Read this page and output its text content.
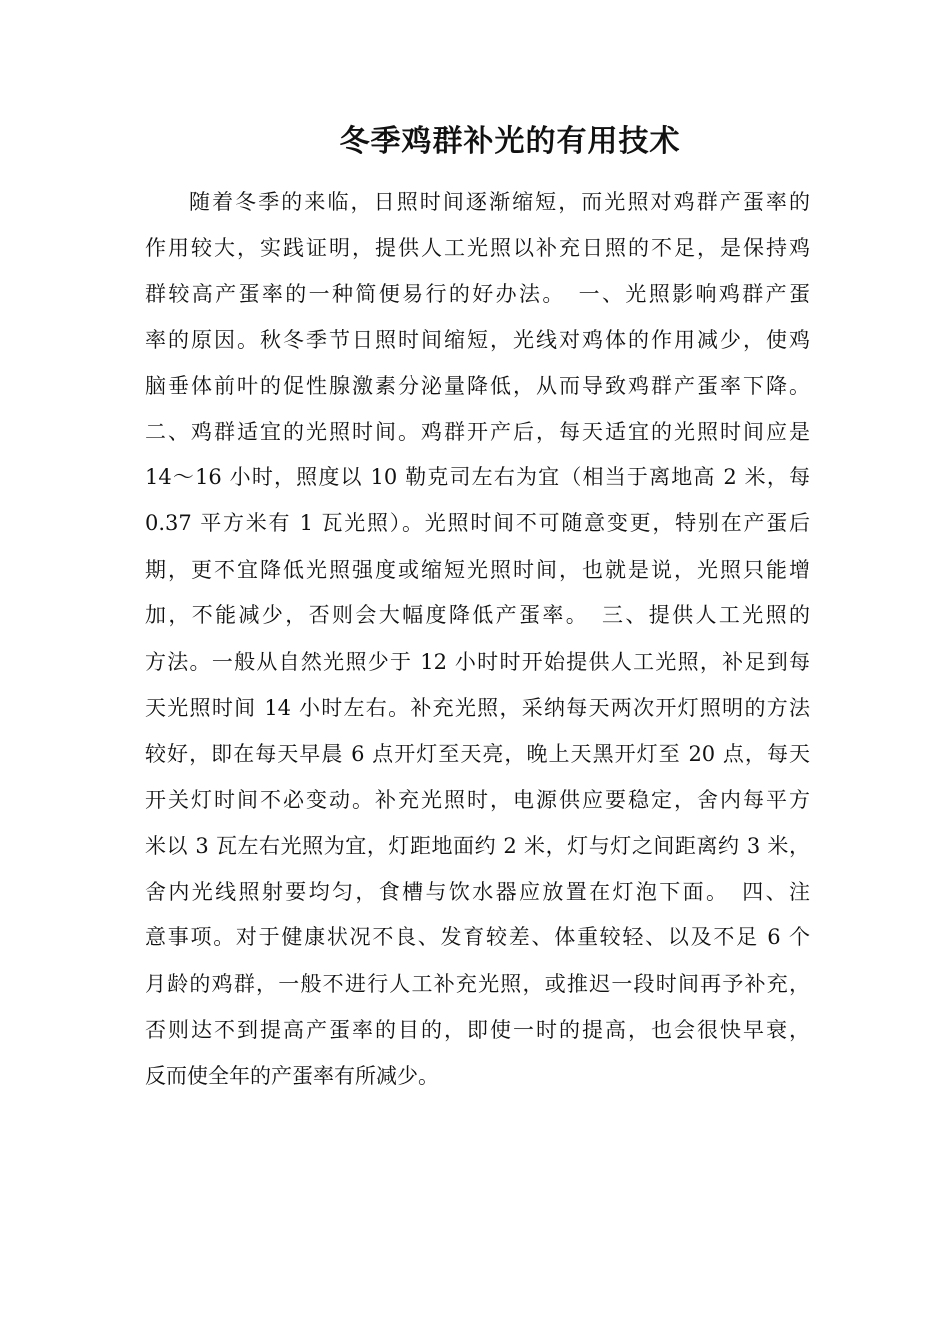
冬季鸡群补光的有用技术
随着冬季的来临，日照时间逐渐缩短，而光照对鸡群产蛋率的
作用较大，实践证明，提供人工光照以补充日照的不足，是保持鸡
群较高产蛋率的一种简便易行的好办法。　一、光照影响鸡群产蛋
率的原因。秋冬季节日照时间缩短，光线对鸡体的作用减少，使鸡
脑垂体前叶的促性腺激素分泌量降低，从而导致鸡群产蛋率下降。
二、鸡群适宜的光照时间。鸡群开产后，每天适宜的光照时间应是
14～16 小时，照度以 10 勒克司左右为宜（相当于离地高 2 米，每
0.37 平方米有 1 瓦光照）。光照时间不可随意变更，特别在产蛋后
期，更不宜降低光照强度或缩短光照时间，也就是说，光照只能增
加，不能减少，否则会大幅度降低产蛋率。　三、提供人工光照的
方法。一般从自然光照少于 12 小时时开始提供人工光照，补足到每
天光照时间 14 小时左右。补充光照，采纳每天两次开灯照明的方法
较好，即在每天早晨 6 点开灯至天亮，晚上天黑开灯至 20 点，每天
开关灯时间不必变动。补充光照时，电源供应要稳定，舍内每平方
米以 3 瓦左右光照为宜，灯距地面约 2 米，灯与灯之间距离约 3 米，
舍内光线照射要均匀，食槽与饮水器应放置在灯泡下面。　四、注
意事项。对于健康状况不良、发育较差、体重较轻、以及不足 6 个
月龄的鸡群，一般不进行人工补充光照，或推迟一段时间再予补充，
否则达不到提高产蛋率的目的，即使一时的提高，也会很快早衰，
反而使全年的产蛋率有所减少。
